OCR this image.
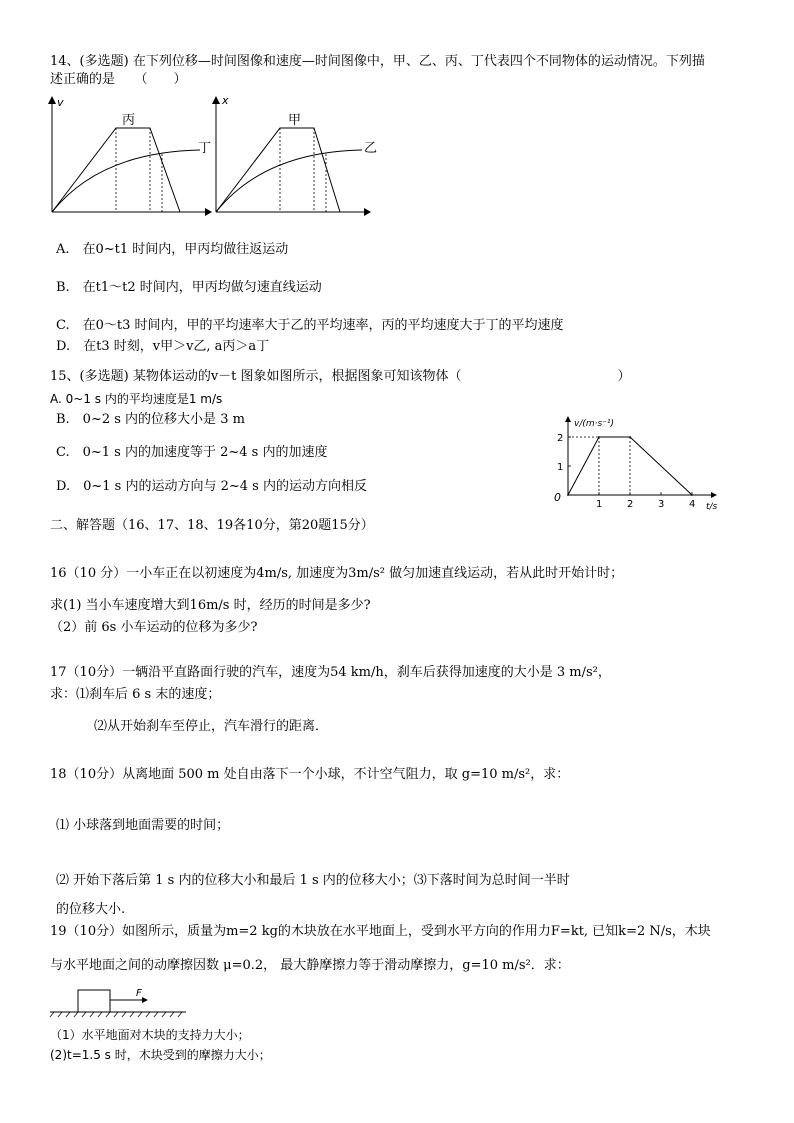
14、(多选题) 在下列位移—时间图像和速度—时间图像中，甲、乙、丙、丁代表四个不同物体的运动情况。下列描
述正确的是　　（　　）
v
丙
丁
x
甲
乙
A.　在0~t1 时间内，甲丙均做往返运动
B.　在t1～t2 时间内，甲丙均做匀速直线运动
C.　在0～t3 时间内，甲的平均速率大于乙的平均速率，丙的平均速度大于丁的平均速度
D.　在t3 时刻，v甲＞v乙, a丙＞a丁
15、(多选题) 某物体运动的v－t 图象如图所示，根据图象可知该物体（　　　　　　　　　　　　）
A. 0~1 s 内的平均速度是1 m/s
B.　0~2 s 内的位移大小是 3 m
C.　0~1 s 内的加速度等于 2~4 s 内的加速度
D.　0~1 s 内的运动方向与 2~4 s 内的运动方向相反
v/(m·s⁻¹)
t/s
0
1 2 3 4
1
2
二、解答题（16、17、18、19各10分，第20题15分）
16（10 分）一小车正在以初速度为4m/s, 加速度为3m/s² 做匀加速直线运动，若从此时开始计时；
求(1) 当小车速度增大到16m/s 时，经历的时间是多少?
（2）前 6s 小车运动的位移为多少?
17（10分）一辆沿平直路面行驶的汽车，速度为54 km/h，刹车后获得加速度的大小是 3 m/s²，
求：⑴刹车后 6 s 末的速度；
⑵从开始刹车至停止，汽车滑行的距离．
18（10分）从离地面 500 m 处自由落下一个小球，不计空气阻力，取 g=10 m/s²，求：
⑴ 小球落到地面需要的时间；
⑵ 开始下落后第 1 s 内的位移大小和最后 1 s 内的位移大小；⑶下落时间为总时间一半时
的位移大小.
19（10分）如图所示，质量为m=2 kg的木块放在水平地面上，受到水平方向的作用力F=kt, 已知k=2 N/s，木块
与水平地面之间的动摩擦因数 μ=0.2， 最大静摩擦力等于滑动摩擦力，g=10 m/s²．求：
F
（1）水平地面对木块的支持力大小；
(2)t=1.5 s 时，木块受到的摩擦力大小；
